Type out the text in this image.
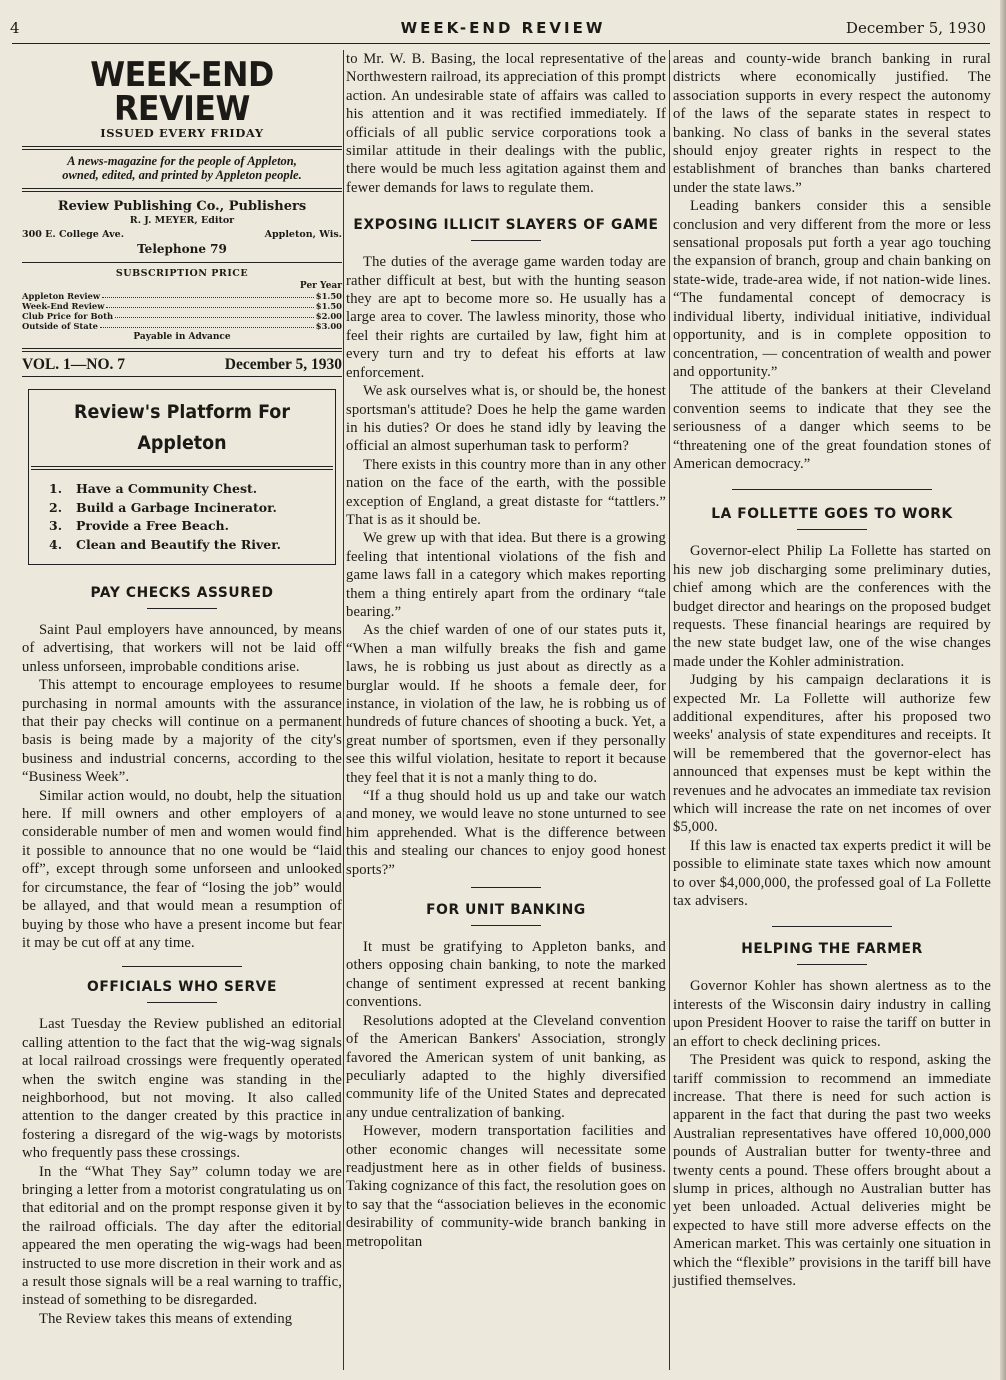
4	WEEK-END REVIEW	December 5, 1930
WEEK-END REVIEW
ISSUED EVERY FRIDAY
A news-magazine for the people of Appleton,
owned, edited, and printed by Appleton people.
Review Publishing Co., Publishers
R. J. MEYER, Editor
300 E. College Ave.	Appleton, Wis.
Telephone 79
SUBSCRIPTION PRICE
Per Year
Appleton Review	$1.50
Week-End Review	$1.50
Club Price for Both	$2.00
Outside of State	$3.00
Payable in Advance
VOL. 1—NO. 7	December 5, 1930
Review's Platform For
Appleton
1.	Have a Community Chest.
2.	Build a Garbage Incinerator.
3.	Provide a Free Beach.
4.	Clean and Beautify the River.
PAY CHECKS ASSURED

Saint Paul employers have announced, by means of advertising, that workers will not be laid off unless unforseen, improbable conditions arise.

This attempt to encourage employees to resume purchasing in normal amounts with the assurance that their pay checks will continue on a permanent basis is being made by a majority of the city's business and industrial concerns, according to the “Business Week”.

Similar action would, no doubt, help the situation here. If mill owners and other employers of a considerable number of men and women would find it possible to announce that no one would be “laid off”, except through some unforseen and unlooked for circumstance, the fear of “losing the job” would be allayed, and that would mean a resumption of buying by those who have a present income but fear it may be cut off at any time.

OFFICIALS WHO SERVE

Last Tuesday the Review published an editorial calling attention to the fact that the wig-wag signals at local railroad crossings were frequently operated when the switch engine was standing in the neighborhood, but not moving. It also called attention to the danger created by this practice in fostering a disregard of the wig-wags by motorists who frequently pass these crossings.

In the “What They Say” column today we are bringing a letter from a motorist congratulating us on that editorial and on the prompt response given it by the railroad officials. The day after the editorial appeared the men operating the wig-wags had been instructed to use more discretion in their work and as a result those signals will be a real warning to traffic, instead of something to be disregarded.

The Review takes this means of extending

to Mr. W. B. Basing, the local representative of the Northwestern railroad, its appreciation of this prompt action. An undesirable state of affairs was called to his attention and it was rectified immediately. If officials of all public service corporations took a similar attitude in their dealings with the public, there would be much less agitation against them and fewer demands for laws to regulate them.

EXPOSING ILLICIT SLAYERS OF GAME

The duties of the average game warden today are rather difficult at best, but with the hunting season they are apt to become more so. He usually has a large area to cover. The lawless minority, those who feel their rights are curtailed by law, fight him at every turn and try to defeat his efforts at law enforcement.

We ask ourselves what is, or should be, the honest sportsman's attitude? Does he help the game warden in his duties? Or does he stand idly by leaving the official an almost superhuman task to perform?

There exists in this country more than in any other nation on the face of the earth, with the possible exception of England, a great distaste for “tattlers.” That is as it should be.

We grew up with that idea. But there is a growing feeling that intentional violations of the fish and game laws fall in a category which makes reporting them a thing entirely apart from the ordinary “tale bearing.”

As the chief warden of one of our states puts it, “When a man wilfully breaks the fish and game laws, he is robbing us just about as directly as a burglar would. If he shoots a female deer, for instance, in violation of the law, he is robbing us of hundreds of future chances of shooting a buck. Yet, a great number of sportsmen, even if they personally see this wilful violation, hesitate to report it because they feel that it is not a manly thing to do.

“If a thug should hold us up and take our watch and money, we would leave no stone unturned to see him apprehended. What is the difference between this and stealing our chances to enjoy good honest sports?”

FOR UNIT BANKING

It must be gratifying to Appleton banks, and others opposing chain banking, to note the marked change of sentiment expressed at recent banking conventions.

Resolutions adopted at the Cleveland convention of the American Bankers' Association, strongly favored the American system of unit banking, as peculiarly adapted to the highly diversified community life of the United States and deprecated any undue centralization of banking.

However, modern transportation facilities and other economic changes will necessitate some readjustment here as in other fields of business. Taking cognizance of this fact, the resolution goes on to say that the “association believes in the economic desirability of community-wide branch banking in metropolitan

areas and county-wide branch banking in rural districts where economically justified. The association supports in every respect the autonomy of the laws of the separate states in respect to banking. No class of banks in the several states should enjoy greater rights in respect to the establishment of branches than banks chartered under the state laws.”

Leading bankers consider this a sensible conclusion and very different from the more or less sensational proposals put forth a year ago touching the expansion of branch, group and chain banking on state-wide, trade-area wide, if not nation-wide lines. “The fundamental concept of democracy is individual liberty, individual initiative, individual opportunity, and is in complete opposition to concentration, — concentration of wealth and power and opportunity.”

The attitude of the bankers at their Cleveland convention seems to indicate that they see the seriousness of a danger which seems to be “threatening one of the great foundation stones of American democracy.”

LA FOLLETTE GOES TO WORK

Governor-elect Philip La Follette has started on his new job discharging some preliminary duties, chief among which are the conferences with the budget director and hearings on the proposed budget requests. These financial hearings are required by the new state budget law, one of the wise changes made under the Kohler administration.

Judging by his campaign declarations it is expected Mr. La Follette will authorize few additional expenditures, after his proposed two weeks' analysis of state expenditures and receipts. It will be remembered that the governor-elect has announced that expenses must be kept within the revenues and he advocates an immediate tax revision which will increase the rate on net incomes of over $5,000.

If this law is enacted tax experts predict it will be possible to eliminate state taxes which now amount to over $4,000,000, the professed goal of La Follette tax advisers.

HELPING THE FARMER

Governor Kohler has shown alertness as to the interests of the Wisconsin dairy industry in calling upon President Hoover to raise the tariff on butter in an effort to check declining prices.

The President was quick to respond, asking the tariff commission to recommend an immediate increase. That there is need for such action is apparent in the fact that during the past two weeks Australian representatives have offered 10,000,000 pounds of Australian butter for twenty-three and twenty cents a pound. These offers brought about a slump in prices, although no Australian butter has yet been unloaded. Actual deliveries might be expected to have still more adverse effects on the American market. This was certainly one situation in which the “flexible” provisions in the tariff bill have justified themselves.
